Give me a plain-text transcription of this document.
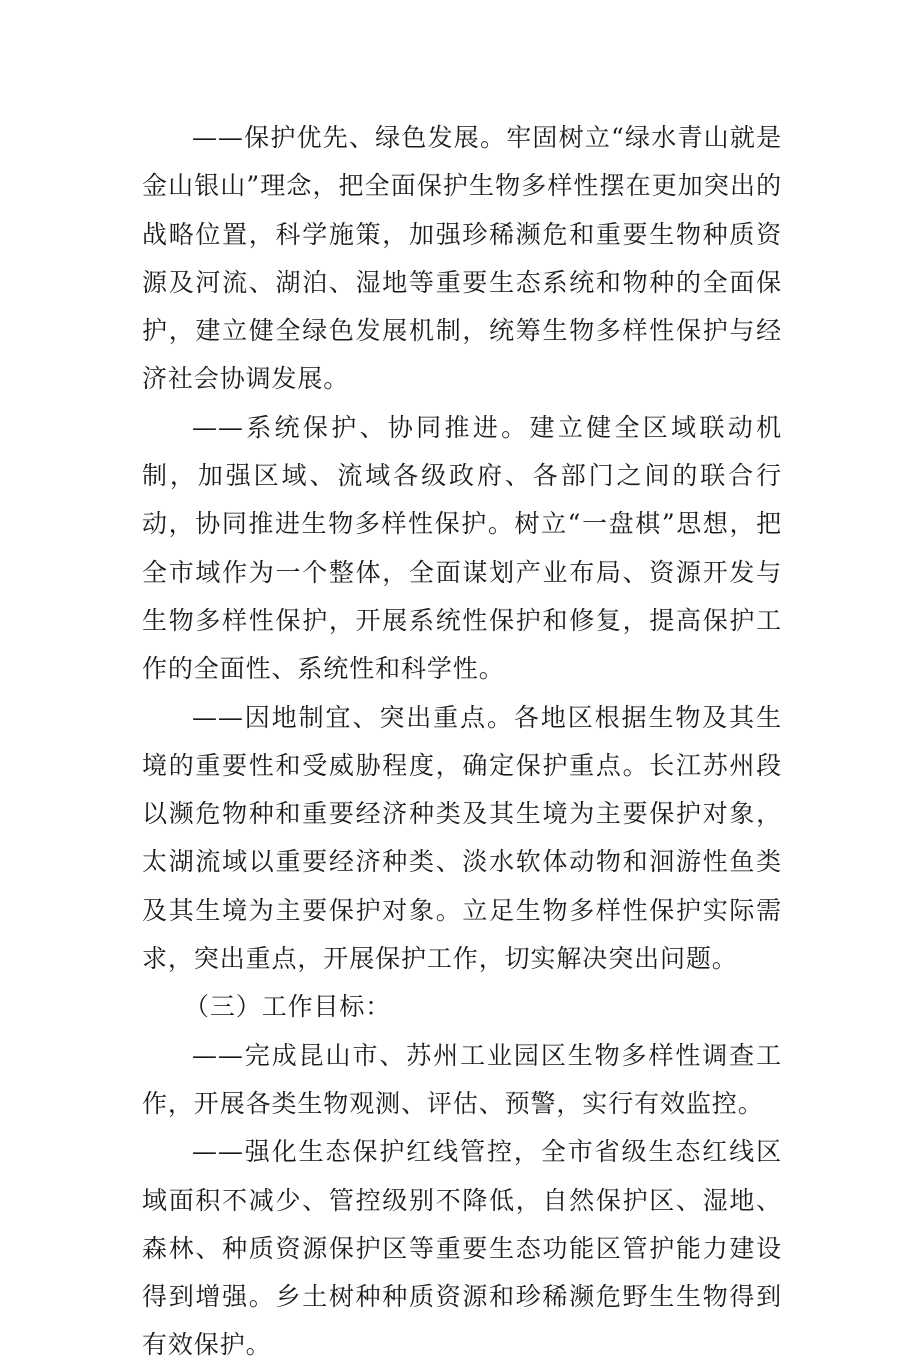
——保护优先、绿色发展。牢固树立“绿水青山就是金山银山”理念，把全面保护生物多样性摆在更加突出的战略位置，科学施策，加强珍稀濒危和重要生物种质资源及河流、湖泊、湿地等重要生态系统和物种的全面保护，建立健全绿色发展机制，统筹生物多样性保护与经济社会协调发展。

——系统保护、协同推进。建立健全区域联动机制，加强区域、流域各级政府、各部门之间的联合行动，协同推进生物多样性保护。树立“一盘棋”思想，把全市域作为一个整体，全面谋划产业布局、资源开发与生物多样性保护，开展系统性保护和修复，提高保护工作的全面性、系统性和科学性。

——因地制宜、突出重点。各地区根据生物及其生境的重要性和受威胁程度，确定保护重点。长江苏州段以濒危物种和重要经济种类及其生境为主要保护对象，太湖流域以重要经济种类、淡水软体动物和洄游性鱼类及其生境为主要保护对象。立足生物多样性保护实际需求，突出重点，开展保护工作，切实解决突出问题。

（三）工作目标：

——完成昆山市、苏州工业园区生物多样性调查工作，开展各类生物观测、评估、预警，实行有效监控。

——强化生态保护红线管控，全市省级生态红线区域面积不减少、管控级别不降低，自然保护区、湿地、森林、种质资源保护区等重要生态功能区管护能力建设得到增强。乡土树种种质资源和珍稀濒危野生生物得到有效保护。
